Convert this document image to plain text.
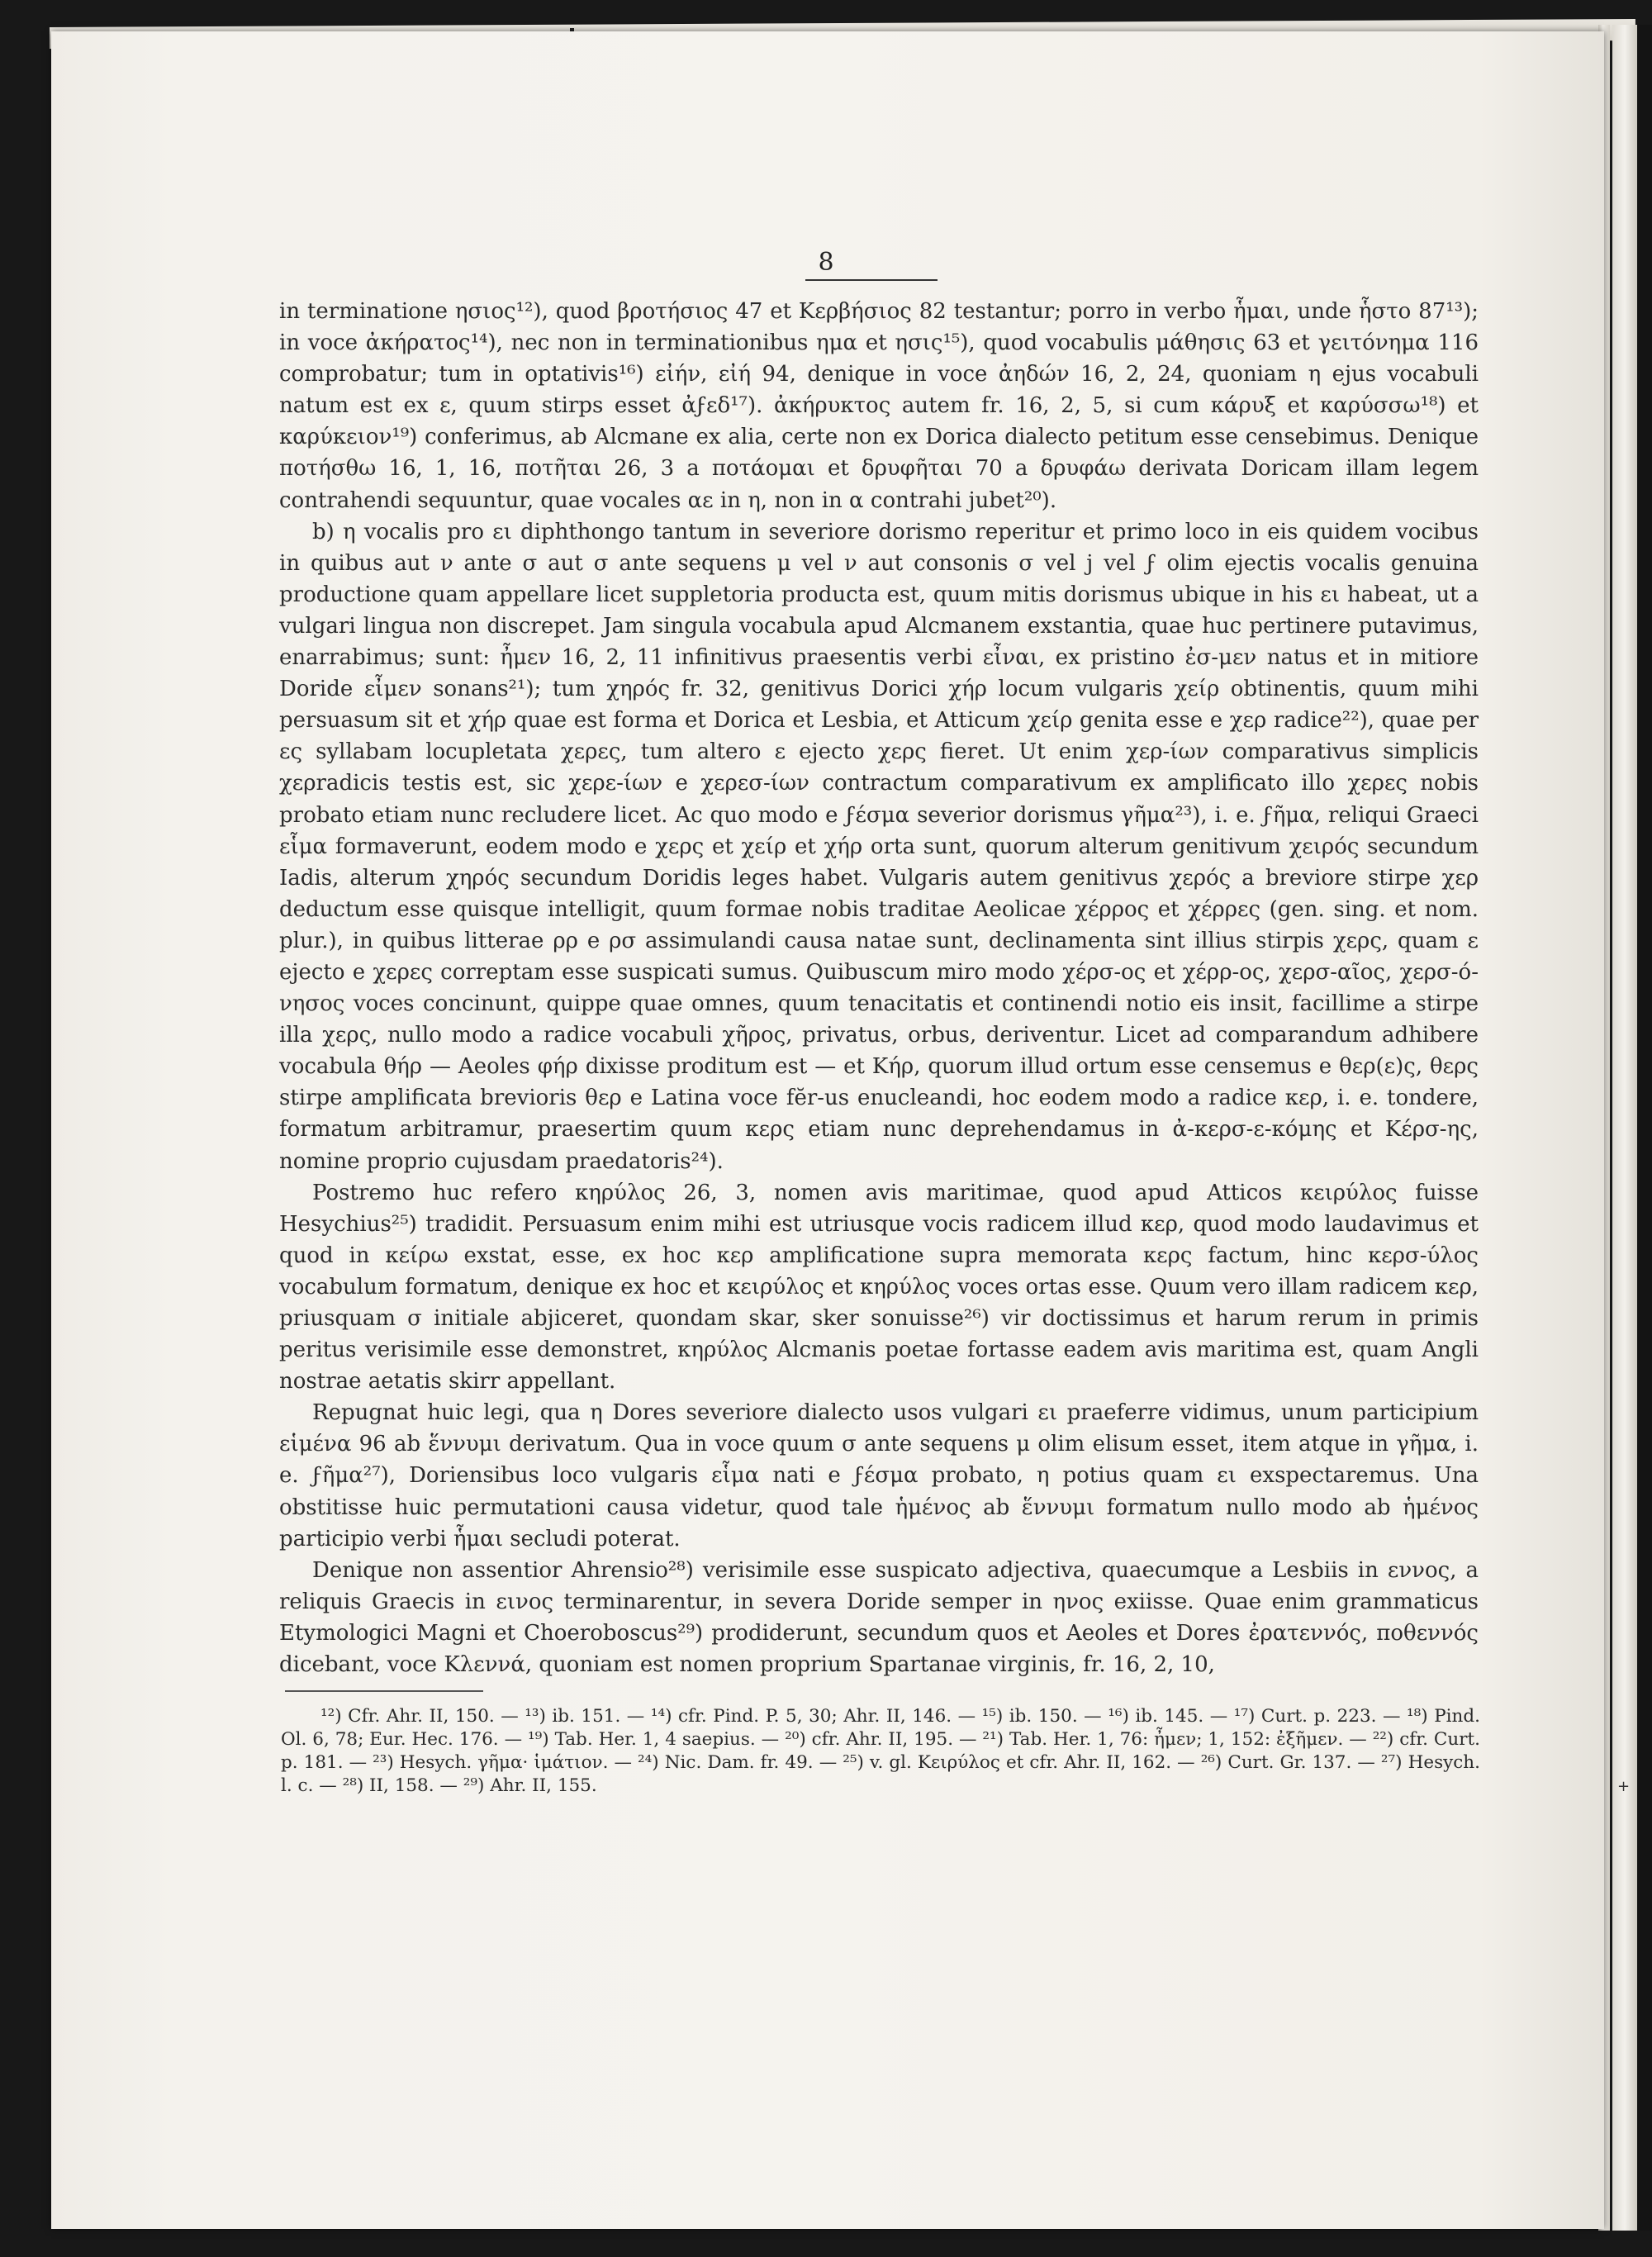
8

in terminatione ησιος¹²), quod βροτήσιος 47 et Κερβήσιος 82 testantur; porro in verbo ἧμαι, unde ἧστο 87¹³); in voce ἀκήρατος¹⁴), nec non in terminationibus ημα et ησις¹⁵), quod vocabulis μάθησις 63 et γειτόνημα 116 comprobatur; tum in optativis¹⁶) εἰήν, εἰή 94, denique in voce ἀηδών 16, 2, 24, quoniam η ejus vocabuli natum est ex ε, quum stirps esset ἀϝεδ¹⁷). ἀκήρυκτος autem fr. 16, 2, 5, si cum κάρυξ et καρύσσω¹⁸) et καρύκειον¹⁹) conferimus, ab Alcmane ex alia, certe non ex Dorica dialecto petitum esse censebimus. Denique ποτήσθω 16, 1, 16, ποτῆται 26, 3 a ποτάομαι et δρυφῆται 70 a δρυφάω derivata Doricam illam legem contrahendi sequuntur, quae vocales αε in η, non in α contrahi jubet²⁰).

b) η vocalis pro ει diphthongo tantum in severiore dorismo reperitur et primo loco in eis quidem vocibus in quibus aut ν ante σ aut σ ante sequens μ vel ν aut consonis σ vel j vel ϝ olim ejectis vocalis genuina productione quam appellare licet suppletoria producta est, quum mitis dorismus ubique in his ει habeat, ut a vulgari lingua non discrepet. Jam singula vocabula apud Alcmanem exstantia, quae huc pertinere putavimus, enarrabimus; sunt: ἦμεν 16, 2, 11 infinitivus praesentis verbi εἶναι, ex pristino ἐσ-μεν natus et in mitiore Doride εἶμεν sonans²¹); tum χηρός fr. 32, genitivus Dorici χήρ locum vulgaris χείρ obtinentis, quum mihi persuasum sit et χήρ quae est forma et Dorica et Lesbia, et Atticum χείρ genita esse e χερ radice²²), quae per ες syllabam locupletata χερες, tum altero ε ejecto χερς fieret. Ut enim χερ-ίων comparativus simplicis χερradicis testis est, sic χερε-ίων e χερεσ-ίων contractum comparativum ex amplificato illo χερες nobis probato etiam nunc recludere licet. Ac quo modo e ϝέσμα severior dorismus γῆμα²³), i. e. ϝῆμα, reliqui Graeci εἷμα formaverunt, eodem modo e χερς et χείρ et χήρ orta sunt, quorum alterum genitivum χειρός secundum Iadis, alterum χηρός secundum Doridis leges habet. Vulgaris autem genitivus χερός a breviore stirpe χερ deductum esse quisque intelligit, quum formae nobis traditae Aeolicae χέρρος et χέρρες (gen. sing. et nom. plur.), in quibus litterae ρρ e ρσ assimulandi causa natae sunt, declinamenta sint illius stirpis χερς, quam ε ejecto e χερες correptam esse suspicati sumus. Quibuscum miro modo χέρσ-ος et χέρρ-ος, χερσ-αῖος, χερσ-ό-νησος voces concinunt, quippe quae omnes, quum tenacitatis et continendi notio eis insit, facillime a stirpe illa χερς, nullo modo a radice vocabuli χῆρος, privatus, orbus, deriventur. Licet ad comparandum adhibere vocabula θήρ — Aeoles φήρ dixisse proditum est — et Κήρ, quorum illud ortum esse censemus e θερ(ε)ς, θερς stirpe amplificata brevioris θερ e Latina voce fĕr-us enucleandi, hoc eodem modo a radice κερ, i. e. tondere, formatum arbitramur, praesertim quum κερς etiam nunc deprehendamus in ἀ-κερσ-ε-κόμης et Κέρσ-ης, nomine proprio cujusdam praedatoris²⁴).

Postremo huc refero κηρύλος 26, 3, nomen avis maritimae, quod apud Atticos κειρύλος fuisse Hesychius²⁵) tradidit. Persuasum enim mihi est utriusque vocis radicem illud κερ, quod modo laudavimus et quod in κείρω exstat, esse, ex hoc κερ amplificatione supra memorata κερς factum, hinc κερσ-ύλος vocabulum formatum, denique ex hoc et κειρύλος et κηρύλος voces ortas esse. Quum vero illam radicem κερ, priusquam σ initiale abjiceret, quondam skar, sker sonuisse²⁶) vir doctissimus et harum rerum in primis peritus verisimile esse demonstret, κηρύλος Alcmanis poetae fortasse eadem avis maritima est, quam Angli nostrae aetatis skirr appellant.

Repugnat huic legi, qua η Dores severiore dialecto usos vulgari ει praeferre vidimus, unum participium εἱμένα 96 ab ἕννυμι derivatum. Qua in voce quum σ ante sequens μ olim elisum esset, item atque in γῆμα, i. e. ϝῆμα²⁷), Doriensibus loco vulgaris εἷμα nati e ϝέσμα probato, η potius quam ει exspectaremus. Una obstitisse huic permutationi causa videtur, quod tale ἡμένος ab ἕννυμι formatum nullo modo ab ἡμένος participio verbi ἧμαι secludi poterat.

Denique non assentior Ahrensio²⁸) verisimile esse suspicato adjectiva, quaecumque a Lesbiis in εννος, a reliquis Graecis in εινος terminarentur, in severa Doride semper in ηνος exiisse. Quae enim grammaticus Etymologici Magni et Choeroboscus²⁹) prodiderunt, secundum quos et Aeoles et Dores ἐρατεννός, ποθεννός dicebant, voce Κλεννά, quoniam est nomen proprium Spartanae virginis, fr. 16, 2, 10,

¹²) Cfr. Ahr. II, 150. — ¹³) ib. 151. — ¹⁴) cfr. Pind. P. 5, 30; Ahr. II, 146. — ¹⁵) ib. 150. — ¹⁶) ib. 145. — ¹⁷) Curt. p. 223. — ¹⁸) Pind. Ol. 6, 78; Eur. Hec. 176. — ¹⁹) Tab. Her. 1, 4 saepius. — ²⁰) cfr. Ahr. II, 195. — ²¹) Tab. Her. 1, 76: ἦμεν; 1, 152: ἐξῆμεν. — ²²) cfr. Curt. p. 181. — ²³) Hesych. γῆμα· ἱμάτιον. — ²⁴) Nic. Dam. fr. 49. — ²⁵) v. gl. Κειρύλος et cfr. Ahr. II, 162. — ²⁶) Curt. Gr. 137. — ²⁷) Hesych. l. c. — ²⁸) II, 158. — ²⁹) Ahr. II, 155.	+
